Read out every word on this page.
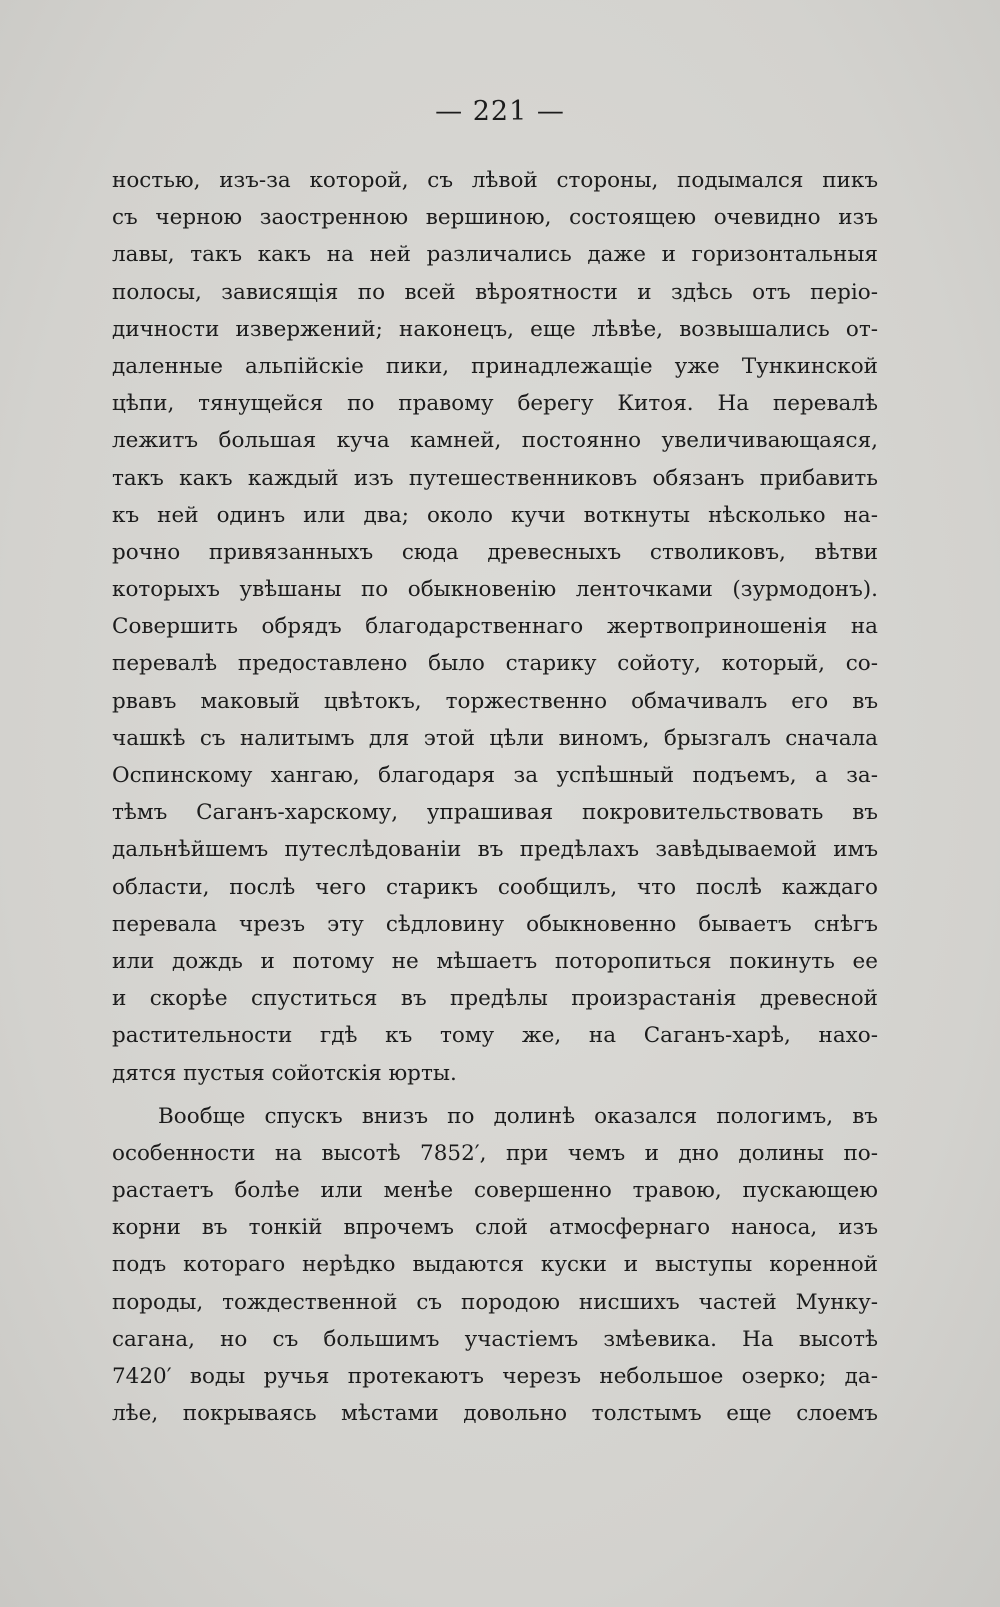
— 221 —
ностью, изъ-за которой, съ лѣвой стороны, подымался пикъ
съ черною заостренною вершиною, состоящею очевидно изъ
лавы, такъ какъ на ней различались даже и горизонтальныя
полосы, зависящія по всей вѣроятности и здѣсь отъ періо-
дичности извержений; наконецъ, еще лѣвѣе, возвышались от-
даленные альпійскіе пики, принадлежащіе уже Тункинской
цѣпи, тянущейся по правому берегу Китоя. На перевалѣ
лежитъ большая куча камней, постоянно увеличивающаяся,
такъ какъ каждый изъ путешественниковъ обязанъ прибавить
къ ней одинъ или два; около кучи воткнуты нѣсколько на-
рочно привязанныхъ сюда древесныхъ стволиковъ, вѣтви
которыхъ увѣшаны по обыкновенію ленточками (зурмодонъ).
Совершить обрядъ благодарственнаго жертвоприношенія на
перевалѣ предоставлено было старику сойоту, который, со-
рвавъ маковый цвѣтокъ, торжественно обмачивалъ его въ
чашкѣ съ налитымъ для этой цѣли виномъ, брызгалъ сначала
Оспинскому хангаю, благодаря за успѣшный подъемъ, а за-
тѣмъ Саганъ-харскому, упрашивая покровительствовать въ
дальнѣйшемъ путеслѣдованіи въ предѣлахъ завѣдываемой имъ
области, послѣ чего старикъ сообщилъ, что послѣ каждаго
перевала чрезъ эту сѣдловину обыкновенно бываетъ снѣгъ
или дождь и потому не мѣшаетъ поторопиться покинуть ее
и скорѣе спуститься въ предѣлы произрастанія древесной
растительности гдѣ къ тому же, на Саганъ-харѣ, нахо-
дятся пустыя сойотскія юрты.
Вообще спускъ внизъ по долинѣ оказался пологимъ, въ
особенности на высотѣ 7852′, при чемъ и дно долины по-
растаетъ болѣе или менѣе совершенно травою, пускающею
корни въ тонкій впрочемъ слой атмосфернаго наноса, изъ
подъ котораго нерѣдко выдаются куски и выступы коренной
породы, тождественной съ породою нисшихъ частей Мунку-
сагана, но съ большимъ участіемъ змѣевика. На высотѣ
7420′ воды ручья протекаютъ черезъ небольшое озерко; да-
лѣе, покрываясь мѣстами довольно толстымъ еще слоемъ
